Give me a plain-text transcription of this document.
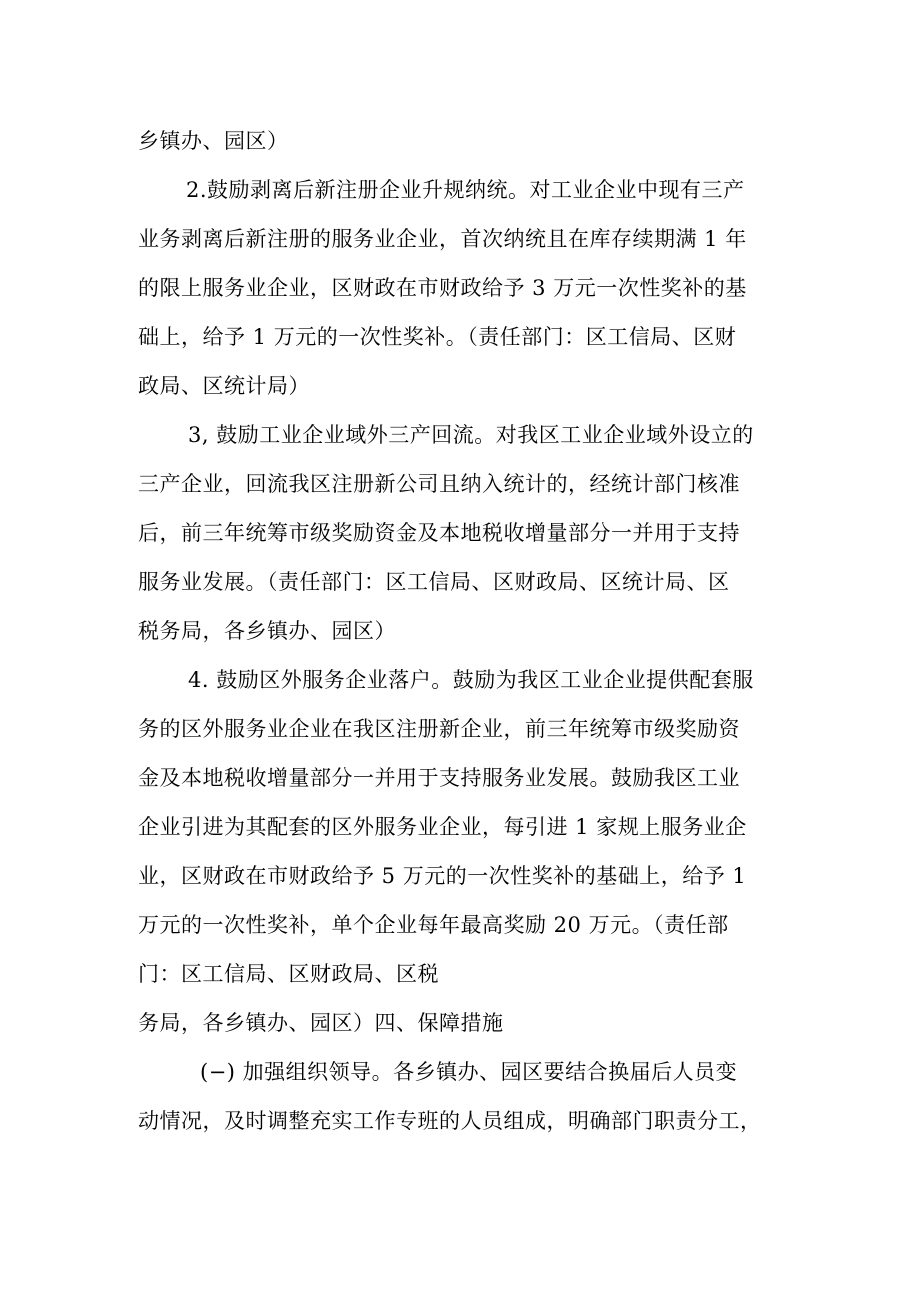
乡镇办、园区）
2.鼓励剥离后新注册企业升规纳统。对工业企业中现有三产
业务剥离后新注册的服务业企业，首次纳统且在库存续期满 1 年
的限上服务业企业，区财政在市财政给予 3 万元一次性奖补的基
础上，给予 1 万元的一次性奖补。（责任部门：区工信局、区财
政局、区统计局）
3, 鼓励工业企业域外三产回流。对我区工业企业域外设立的
三产企业，回流我区注册新公司且纳入统计的，经统计部门核准
后，前三年统筹市级奖励资金及本地税收增量部分一并用于支持
服务业发展。（责任部门：区工信局、区财政局、区统计局、区
税务局，各乡镇办、园区）
4. 鼓励区外服务企业落户。鼓励为我区工业企业提供配套服
务的区外服务业企业在我区注册新企业，前三年统筹市级奖励资
金及本地税收增量部分一并用于支持服务业发展。鼓励我区工业
企业引进为其配套的区外服务业企业，每引进 1 家规上服务业企
业，区财政在市财政给予 5 万元的一次性奖补的基础上，给予 1
万元的一次性奖补，单个企业每年最高奖励 20 万元。（责任部
门：区工信局、区财政局、区税
务局，各乡镇办、园区）四、保障措施
(−) 加强组织领导。各乡镇办、园区要结合换届后人员变
动情况，及时调整充实工作专班的人员组成，明确部门职责分工，
